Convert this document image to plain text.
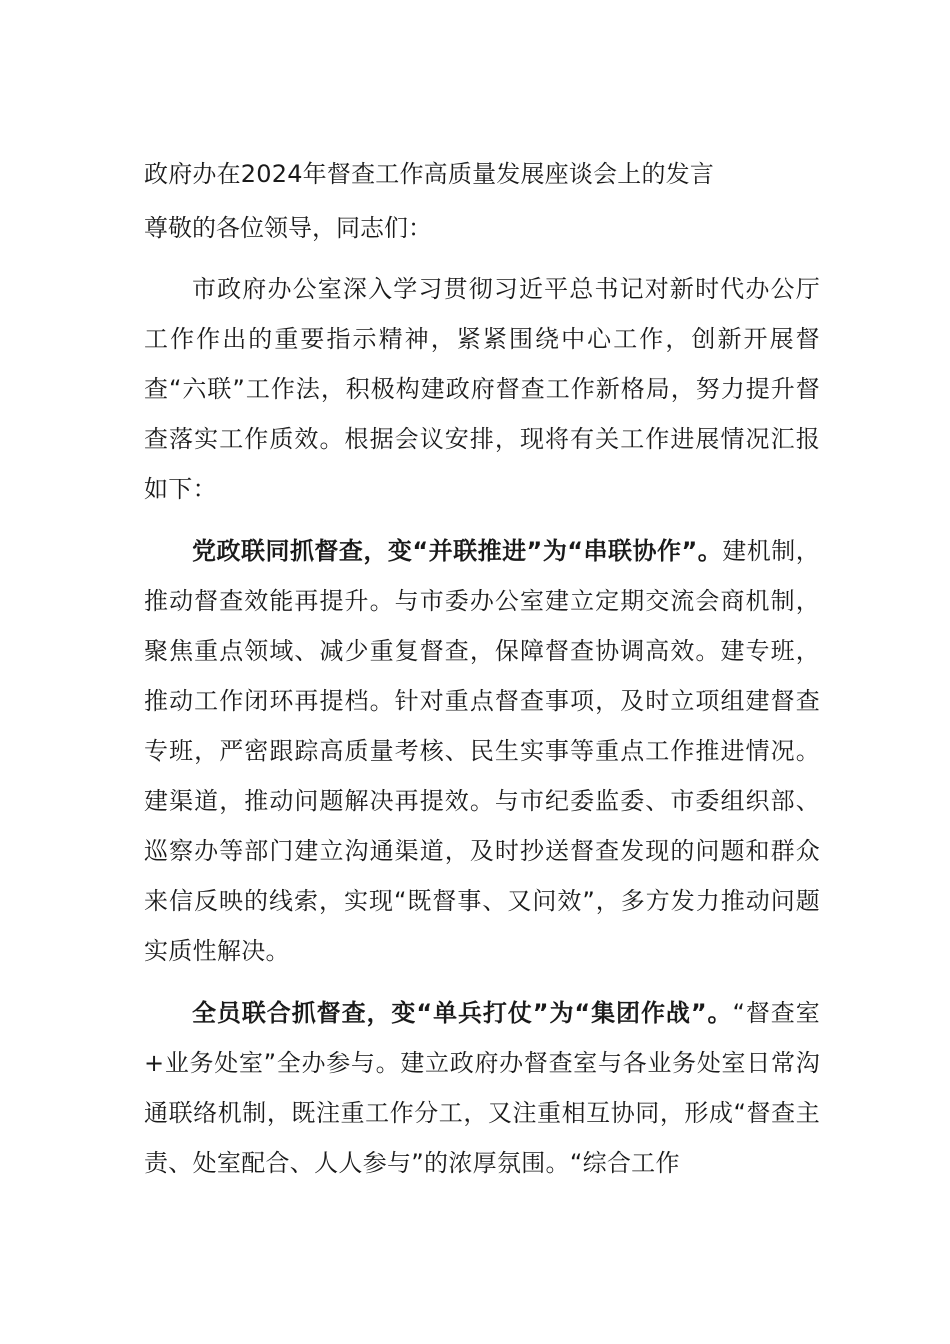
政府办在2024年督查工作高质量发展座谈会上的发言

尊敬的各位领导，同志们：

市政府办公室深入学习贯彻习近平总书记对新时代办公厅工作作出的重要指示精神，紧紧围绕中心工作，创新开展督查“六联”工作法，积极构建政府督查工作新格局，努力提升督查落实工作质效。根据会议安排，现将有关工作进展情况汇报如下：

党政联同抓督查，变“并联推进”为“串联协作”。建机制，推动督查效能再提升。与市委办公室建立定期交流会商机制，聚焦重点领域、减少重复督查，保障督查协调高效。建专班，推动工作闭环再提档。针对重点督查事项，及时立项组建督查专班，严密跟踪高质量考核、民生实事等重点工作推进情况。建渠道，推动问题解决再提效。与市纪委监委、市委组织部、巡察办等部门建立沟通渠道，及时抄送督查发现的问题和群众来信反映的线索，实现“既督事、又问效”，多方发力推动问题实质性解决。

全员联合抓督查，变“单兵打仗”为“集团作战”。“督查室+业务处室”全办参与。建立政府办督查室与各业务处室日常沟通联络机制，既注重工作分工，又注重相互协同，形成“督查主责、处室配合、人人参与”的浓厚氛围。“综合工作
